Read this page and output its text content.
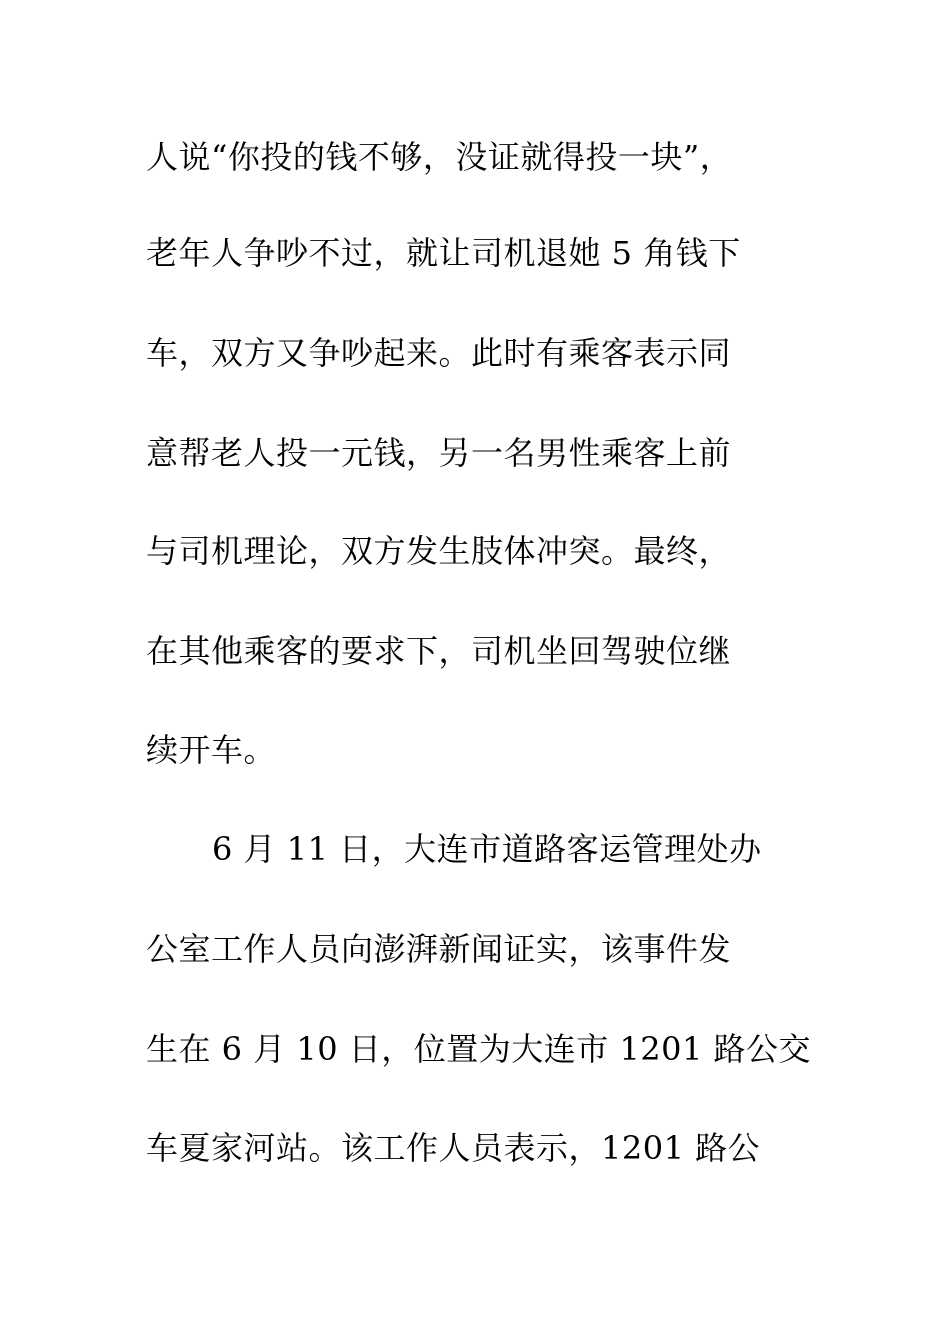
人说“你投的钱不够，没证就得投一块”，
老年人争吵不过，就让司机退她 5 角钱下
车，双方又争吵起来。此时有乘客表示同
意帮老人投一元钱，另一名男性乘客上前
与司机理论，双方发生肢体冲突。最终，
在其他乘客的要求下，司机坐回驾驶位继
续开车。
6 月 11 日，大连市道路客运管理处办
公室工作人员向澎湃新闻证实，该事件发
生在 6 月 10 日，位置为大连市 1201 路公交
车夏家河站。该工作人员表示，1201 路公
